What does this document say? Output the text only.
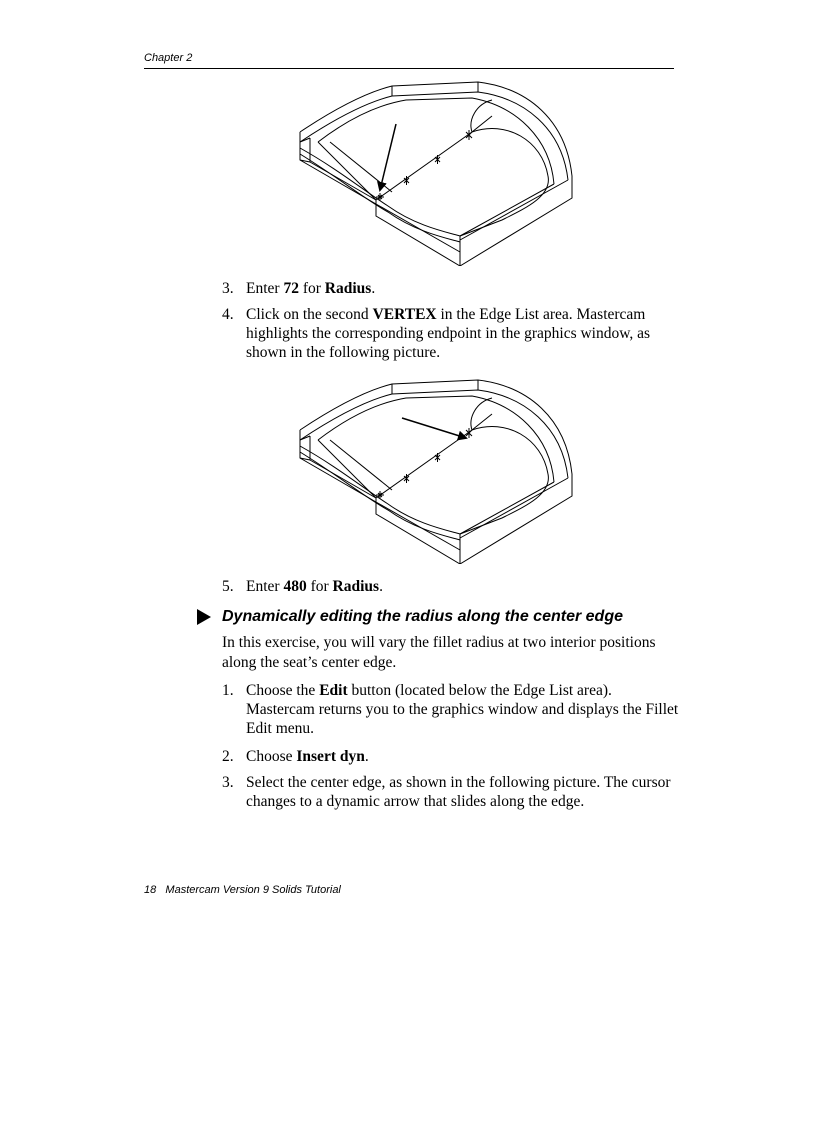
Chapter 2
3. Enter 72 for Radius.
4. Click on the second VERTEX in the Edge List area. Mastercam highlights the corresponding endpoint in the graphics window, as shown in the following picture.
5. Enter 480 for Radius.
Dynamically editing the radius along the center edge
In this exercise, you will vary the fillet radius at two interior positions along the seat’s center edge.
1. Choose the Edit button (located below the Edge List area). Mastercam returns you to the graphics window and displays the Fillet Edit menu.
2. Choose Insert dyn.
3. Select the center edge, as shown in the following picture. The cursor changes to a dynamic arrow that slides along the edge.
18 Mastercam Version 9 Solids Tutorial
